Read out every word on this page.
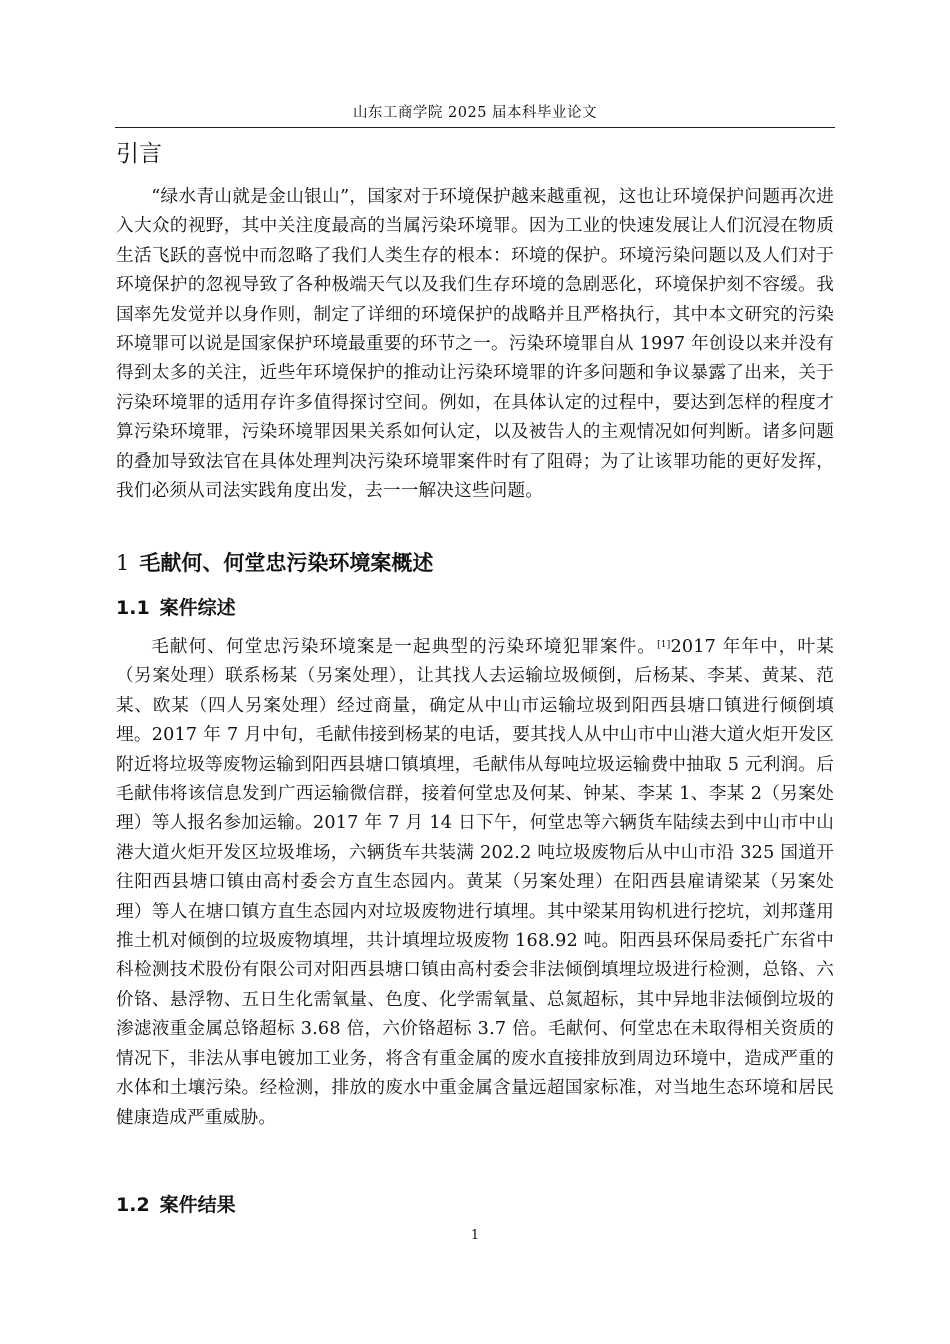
山东工商学院 2025 届本科毕业论文
引言

“绿水青山就是金山银山”，国家对于环境保护越来越重视，这也让环境保护问题再次进入大众的视野，其中关注度最高的当属污染环境罪。因为工业的快速发展让人们沉浸在物质生活飞跃的喜悦中而忽略了我们人类生存的根本：环境的保护。环境污染问题以及人们对于环境保护的忽视导致了各种极端天气以及我们生存环境的急剧恶化，环境保护刻不容缓。我国率先发觉并以身作则，制定了详细的环境保护的战略并且严格执行，其中本文研究的污染环境罪可以说是国家保护环境最重要的环节之一。污染环境罪自从 1997 年创设以来并没有得到太多的关注，近些年环境保护的推动让污染环境罪的许多问题和争议暴露了出来，关于污染环境罪的适用存许多值得探讨空间。例如，在具体认定的过程中，要达到怎样的程度才算污染环境罪，污染环境罪因果关系如何认定，以及被告人的主观情况如何判断。诸多问题的叠加导致法官在具体处理判决污染环境罪案件时有了阻碍；为了让该罪功能的更好发挥，我们必须从司法实践角度出发，去一一解决这些问题。

1 毛献何、何堂忠污染环境案概述
1.1 案件综述

毛献何、何堂忠污染环境案是一起典型的污染环境犯罪案件。[1]2017 年年中，叶某（另案处理）联系杨某（另案处理），让其找人去运输垃圾倾倒，后杨某、李某、黄某、范某、欧某（四人另案处理）经过商量，确定从中山市运输垃圾到阳西县塘口镇进行倾倒填埋。2017 年 7 月中旬，毛献伟接到杨某的电话，要其找人从中山市中山港大道火炬开发区附近将垃圾等废物运输到阳西县塘口镇填埋，毛献伟从每吨垃圾运输费中抽取 5 元利润。后毛献伟将该信息发到广西运输微信群，接着何堂忠及何某、钟某、李某 1、李某 2（另案处理）等人报名参加运输。2017 年 7 月 14 日下午，何堂忠等六辆货车陆续去到中山市中山港大道火炬开发区垃圾堆场，六辆货车共装满 202.2 吨垃圾废物后从中山市沿 325 国道开往阳西县塘口镇由高村委会方直生态园内。黄某（另案处理）在阳西县雇请梁某（另案处理）等人在塘口镇方直生态园内对垃圾废物进行填埋。其中梁某用钩机进行挖坑，刘邦蓬用推土机对倾倒的垃圾废物填埋，共计填埋垃圾废物 168.92 吨。阳西县环保局委托广东省中科检测技术股份有限公司对阳西县塘口镇由高村委会非法倾倒填埋垃圾进行检测，总铬、六价铬、悬浮物、五日生化需氧量、色度、化学需氧量、总氮超标，其中异地非法倾倒垃圾的渗滤液重金属总铬超标 3.68 倍，六价铬超标 3.7 倍。毛献何、何堂忠在未取得相关资质的情况下，非法从事电镀加工业务，将含有重金属的废水直接排放到周边环境中，造成严重的水体和土壤污染。经检测，排放的废水中重金属含量远超国家标准，对当地生态环境和居民健康造成严重威胁。

1.2 案件结果
1
